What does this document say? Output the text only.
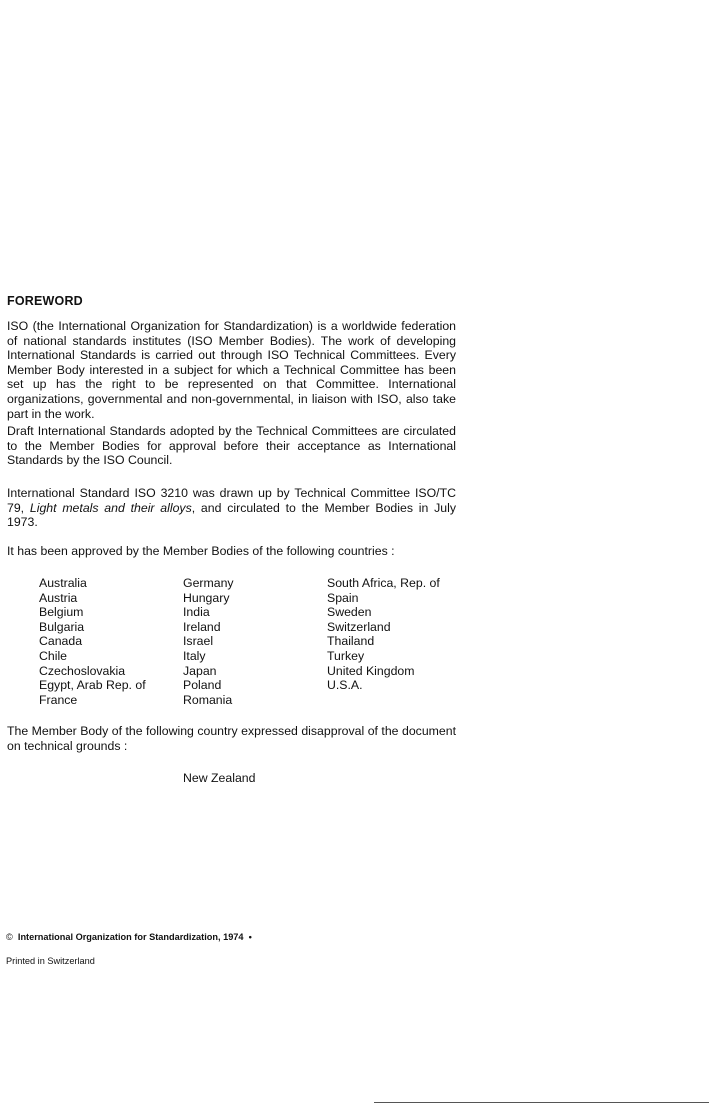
FOREWORD
ISO (the International Organization for Standardization) is a worldwide federation of national standards institutes (ISO Member Bodies). The work of developing International Standards is carried out through ISO Technical Committees. Every Member Body interested in a subject for which a Technical Committee has been set up has the right to be represented on that Committee. International organizations, governmental and non-governmental, in liaison with ISO, also take part in the work.
Draft International Standards adopted by the Technical Committees are circulated to the Member Bodies for approval before their acceptance as International Standards by the ISO Council.
International Standard ISO 3210 was drawn up by Technical Committee ISO/TC 79, Light metals and their alloys, and circulated to the Member Bodies in July 1973.
It has been approved by the Member Bodies of the following countries :
Australia
Austria
Belgium
Bulgaria
Canada
Chile
Czechoslovakia
Egypt, Arab Rep. of
France
Germany
Hungary
India
Ireland
Israel
Italy
Japan
Poland
Romania
South Africa, Rep. of
Spain
Sweden
Switzerland
Thailand
Turkey
United Kingdom
U.S.A.
The Member Body of the following country expressed disapproval of the document on technical grounds :
New Zealand
© International Organization for Standardization, 1974 •
Printed in Switzerland
